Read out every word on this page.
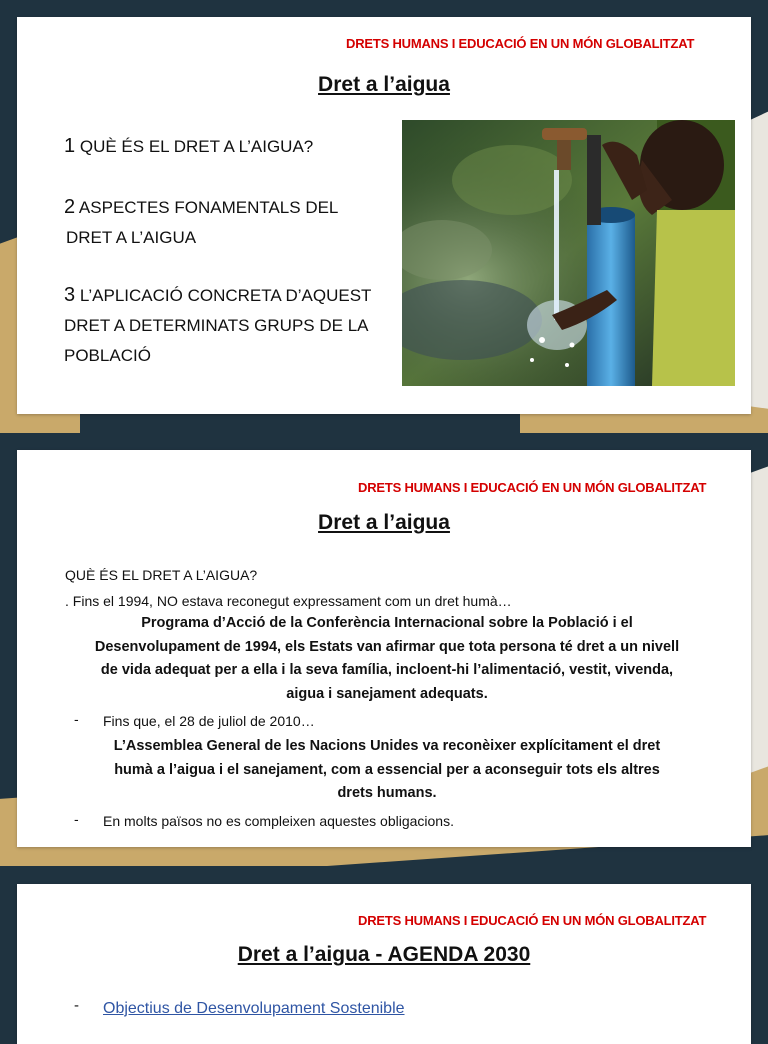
DRETS HUMANS I EDUCACIÓ EN UN MÓN GLOBALITZAT
Dret a l’aigua
1 QUÈ ÉS EL DRET A L’AIGUA?
2 ASPECTES FONAMENTALS DEL
DRET A L’AIGUA
3 L’APLICACIÓ CONCRETA D’AQUEST
DRET A DETERMINATS GRUPS DE LA
POBLACIÓ
DRETS HUMANS I EDUCACIÓ EN UN MÓN GLOBALITZAT
Dret a l’aigua
QUÈ ÉS EL DRET A L’AIGUA?
. Fins el 1994, NO estava reconegut expressament com un dret humà…
Programa d’Acció de la Conferència Internacional sobre la Població i el
Desenvolupament de 1994, els Estats van afirmar que tota persona té dret a un nivell
de vida adequat per a ella i la seva família, incloent-hi l’alimentació, vestit, vivenda,
aigua i sanejament adequats.
- Fins que, el 28 de juliol de 2010…
L’Assemblea General de les Nacions Unides va reconèixer explícitament el dret
humà a l’aigua i el sanejament, com a essencial per a aconseguir tots els altres
drets humans.
- En molts països no es compleixen aquestes obligacions.
DRETS HUMANS I EDUCACIÓ EN UN MÓN GLOBALITZAT
Dret a l’aigua - AGENDA 2030
- Objectius de Desenvolupament Sostenible
